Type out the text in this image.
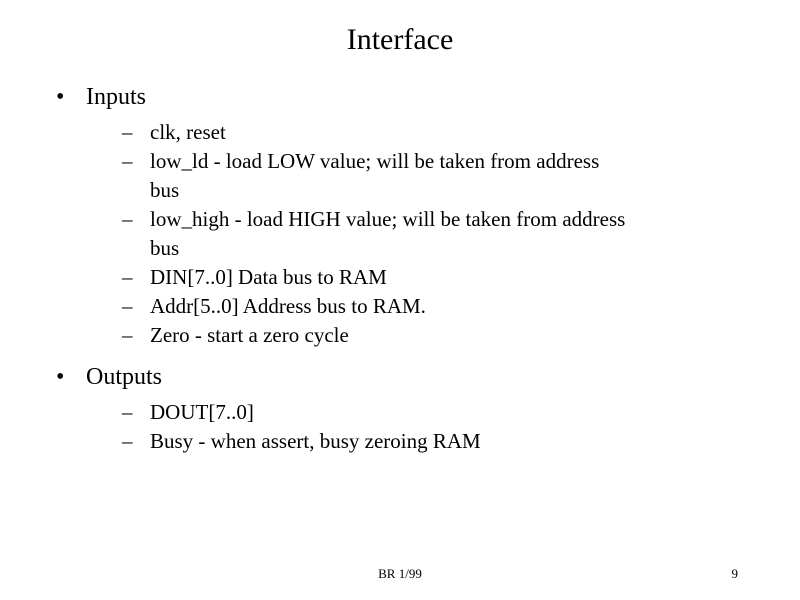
Interface
• Inputs
– clk, reset
– low_ld - load LOW value; will be taken from address
bus
– low_high - load HIGH value; will be taken from address
bus
– DIN[7..0] Data bus to RAM
– Addr[5..0] Address bus to RAM.
– Zero - start a zero cycle
• Outputs
– DOUT[7..0]
– Busy - when assert, busy zeroing RAM
BR 1/99	9
